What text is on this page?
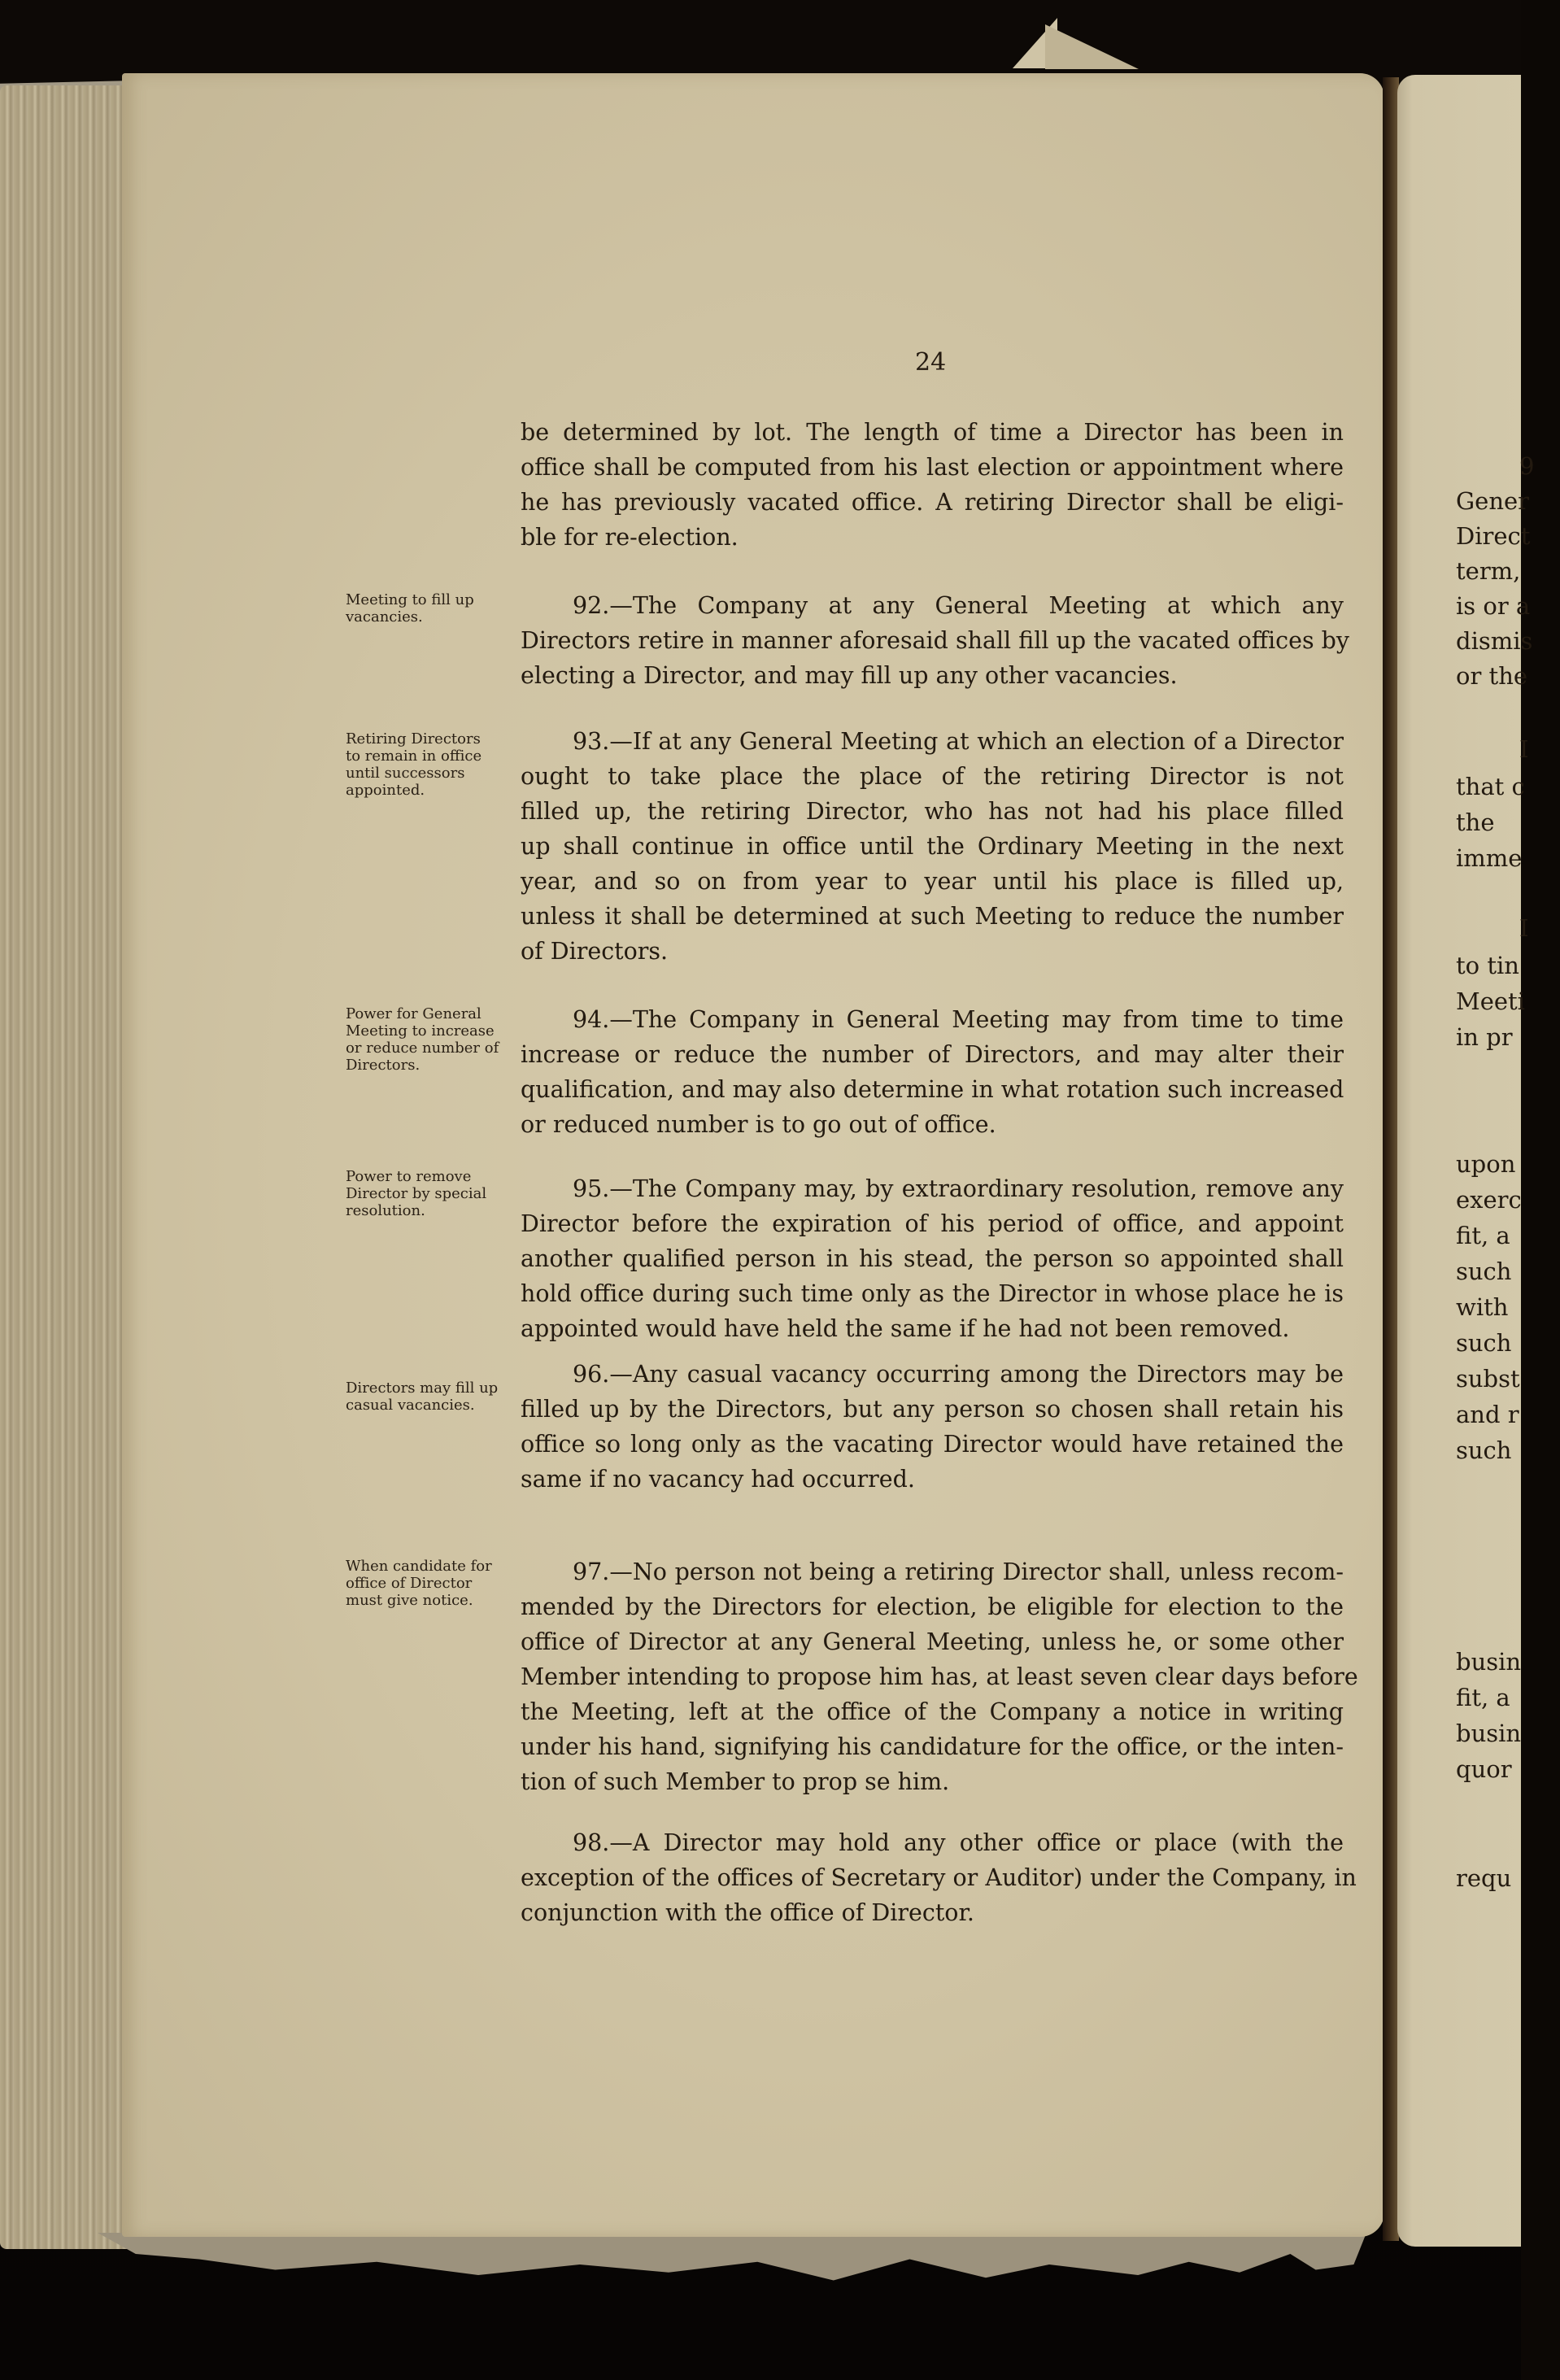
9
Gener
Direct
term,
is or a
dismis
or the
I
that c
the
imme
I
to tin
Meeti
in pr
upon
exerc
fit, a
such
with
such
subst
and r
such
busin
fit, a
busin
quor
requ
24
be determined by lot. The length of time a Director has been in
office shall be computed from his last election or appointment where
he has previously vacated office. A retiring Director shall be eligi-
ble for re-election.
92.—The Company at any General Meeting at which any
Directors retire in manner aforesaid shall fill up the vacated offices by
electing a Director, and may fill up any other vacancies.
Meeting to fill up
vacancies.
93.—If at any General Meeting at which an election of a Director
ought to take place the place of the retiring Director is not
filled up, the retiring Director, who has not had his place filled
up shall continue in office until the Ordinary Meeting in the next
year, and so on from year to year until his place is filled up,
unless it shall be determined at such Meeting to reduce the number
of Directors.
Retiring Directors
to remain in office
until successors
appointed.
94.—The Company in General Meeting may from time to time
increase or reduce the number of Directors, and may alter their
qualification, and may also determine in what rotation such increased
or reduced number is to go out of office.
Power for General
Meeting to increase
or reduce number of
Directors.
95.—The Company may, by extraordinary resolution, remove any
Director before the expiration of his period of office, and appoint
another qualified person in his stead, the person so appointed shall
hold office during such time only as the Director in whose place he is
appointed would have held the same if he had not been removed.
Power to remove
Director by special
resolution.
96.—Any casual vacancy occurring among the Directors may be
filled up by the Directors, but any person so chosen shall retain his
office so long only as the vacating Director would have retained the
same if no vacancy had occurred.
Directors may fill up
casual vacancies.
97.—No person not being a retiring Director shall, unless recom-
mended by the Directors for election, be eligible for election to the
office of Director at any General Meeting, unless he, or some other
Member intending to propose him has, at least seven clear days before
the Meeting, left at the office of the Company a notice in writing
under his hand, signifying his candidature for the office, or the inten-
tion of such Member to prop se him.
When candidate for
office of Director
must give notice.
98.—A Director may hold any other office or place (with the
exception of the offices of Secretary or Auditor) under the Company, in
conjunction with the office of Director.
